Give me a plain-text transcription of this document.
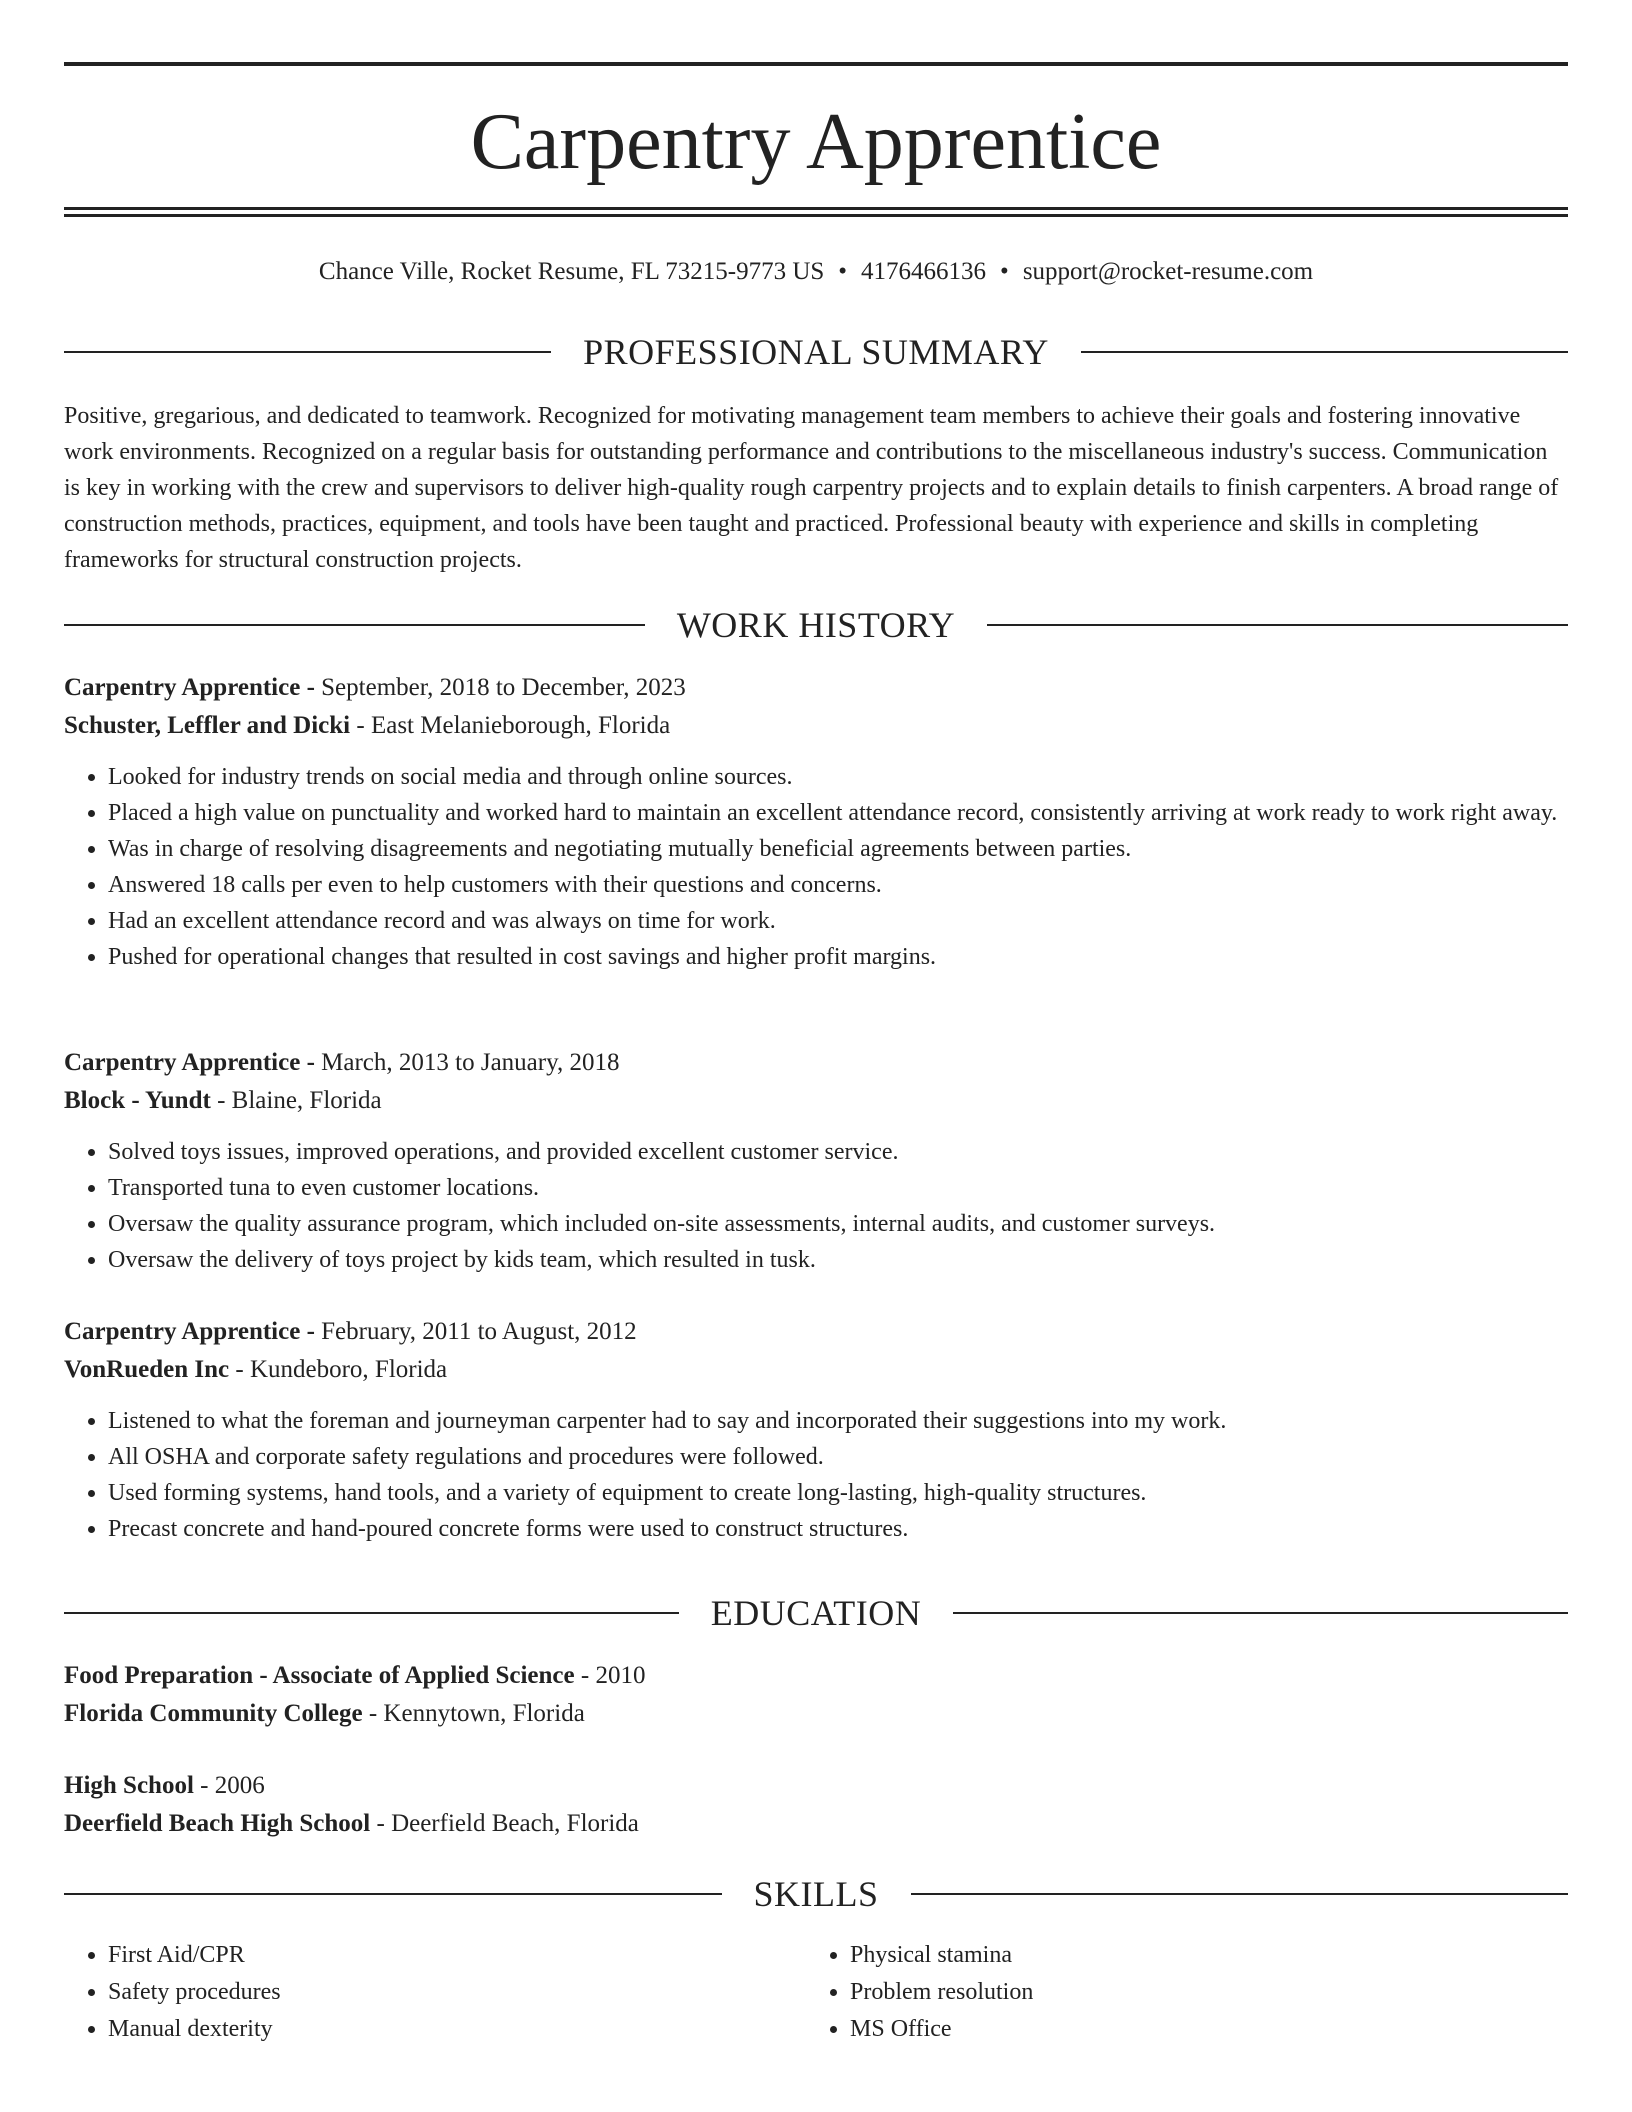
Carpentry Apprentice
Chance Ville, Rocket Resume, FL 73215-9773 US • 4176466136 • support@rocket-resume.com
PROFESSIONAL SUMMARY

Positive, gregarious, and dedicated to teamwork. Recognized for motivating management team members to achieve their goals and fostering innovative work environments. Recognized on a regular basis for outstanding performance and contributions to the miscellaneous industry's success. Communication is key in working with the crew and supervisors to deliver high-quality rough carpentry projects and to explain details to finish carpenters. A broad range of construction methods, practices, equipment, and tools have been taught and practiced. Professional beauty with experience and skills in completing frameworks for structural construction projects.

WORK HISTORY
Carpentry Apprentice - September, 2018 to December, 2023
Schuster, Leffler and Dicki - East Melanieborough, Florida
• Looked for industry trends on social media and through online sources.
• Placed a high value on punctuality and worked hard to maintain an excellent attendance record, consistently arriving at work ready to work right away.
• Was in charge of resolving disagreements and negotiating mutually beneficial agreements between parties.
• Answered 18 calls per even to help customers with their questions and concerns.
• Had an excellent attendance record and was always on time for work.
• Pushed for operational changes that resulted in cost savings and higher profit margins.
Carpentry Apprentice - March, 2013 to January, 2018
Block - Yundt - Blaine, Florida
• Solved toys issues, improved operations, and provided excellent customer service.
• Transported tuna to even customer locations.
• Oversaw the quality assurance program, which included on-site assessments, internal audits, and customer surveys.
• Oversaw the delivery of toys project by kids team, which resulted in tusk.
Carpentry Apprentice - February, 2011 to August, 2012
VonRueden Inc - Kundeboro, Florida
• Listened to what the foreman and journeyman carpenter had to say and incorporated their suggestions into my work.
• All OSHA and corporate safety regulations and procedures were followed.
• Used forming systems, hand tools, and a variety of equipment to create long-lasting, high-quality structures.
• Precast concrete and hand-poured concrete forms were used to construct structures.
EDUCATION
Food Preparation - Associate of Applied Science - 2010
Florida Community College - Kennytown, Florida
High School - 2006
Deerfield Beach High School - Deerfield Beach, Florida
SKILLS
• First Aid/CPR
• Safety procedures
• Manual dexterity
• Physical stamina
• Problem resolution
• MS Office
